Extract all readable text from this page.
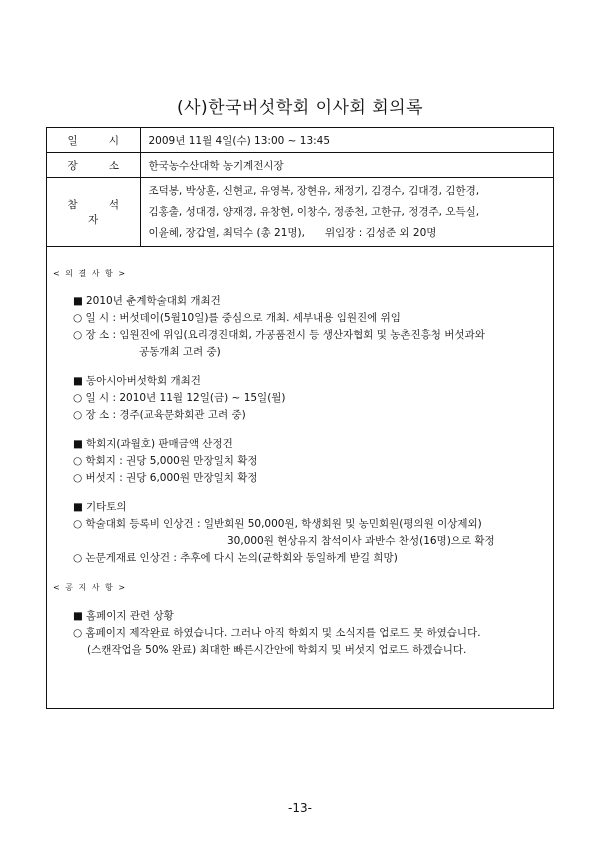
(사)한국버섯학회 이사회 회의록
일 시	2009년 11월 4일(수) 13:00 ~ 13:45
장 소	한국농수산대학 농기계전시장
참 석 자	조덕봉, 박상훈, 신현교, 유영복, 장현유, 채정기, 김경수, 김대경, 김한경,
김홍출, 성대경, 양재경, 유창현, 이창수, 정종천, 고한규, 정경주, 오득실,
이윤혜, 장갑열, 최덕수 (총 21명),      위임장 : 김성준 외 20명
< 의 결 사 항 >
■ 2010년 춘계학술대회 개최건
○ 일 시 : 버섯데이(5월10일)를 중심으로 개최. 세부내용 임원진에 위임
○ 장 소 : 임원진에 위임(요리경진대회, 가공품전시 등 생산자협회 및 농촌진흥청 버섯과와
공동개최 고려 중)
■ 동아시아버섯학회 개최건
○ 일 시 : 2010년 11월 12일(금) ~ 15일(월)
○ 장 소 : 경주(교육문화회관 고려 중)
■ 학회지(과월호) 판매금액 산정건
○ 학회지 : 권당 5,000원 만장일치 확정
○ 버섯지 : 권당 6,000원 만장일치 확정
■ 기타토의
○ 학술대회 등록비 인상건 : 일반회원 50,000원, 학생회원 및 농민회원(평의원 이상제외)
30,000원 현상유지 참석이사 과반수 찬성(16명)으로 확정
○ 논문게재료 인상건 : 추후에 다시 논의(균학회와 동일하게 받길 희망)
< 공 지 사 항 >
■ 홈페이지 관련 상황
○ 홈페이지 제작완료 하였습니다. 그러나 아직 학회지 및 소식지를 업로드 못 하였습니다.
(스캔작업을 50% 완료) 최대한 빠른시간안에 학회지 및 버섯지 업로드 하겠습니다.
-13-
